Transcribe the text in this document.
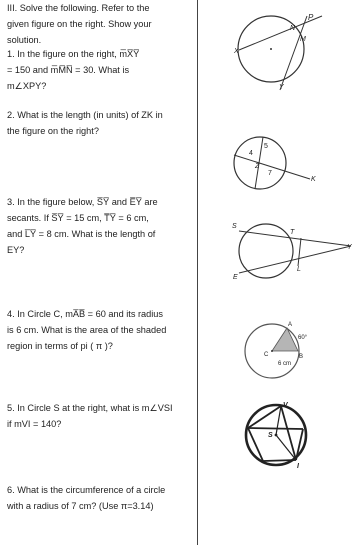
III. Solve the following. Refer to the
given figure on the right. Show your
solution.
1. In the figure on the right, m̅X̅Y̅
= 150 and m̅M̅N̅ = 30. What is
m∠XPY?
2. What is the length (in units) of ZK in
the figure on the right?
3. In the figure below, S̅Y̅ and E̅Y̅ are
secants. If S̅Y̅ = 15 cm, T̅Y̅ = 6 cm,
and L̅Y̅ = 8 cm. What is the length of
EY?
4. In Circle C, mA̅B̅ = 60 and its radius
is 6 cm. What is the area of the shaded
region in terms of pi ( π )?
5. In Circle S at the right, what is m∠VSI
if mVI = 140?
6. What is the circumference of a circle
with a radius of 7 cm? (Use π=3.14)
P
N
M
X
Y
5
4
Z
7
K
S
T
Y
L
E
A
60°
C	B
6 cm
V
S
I
